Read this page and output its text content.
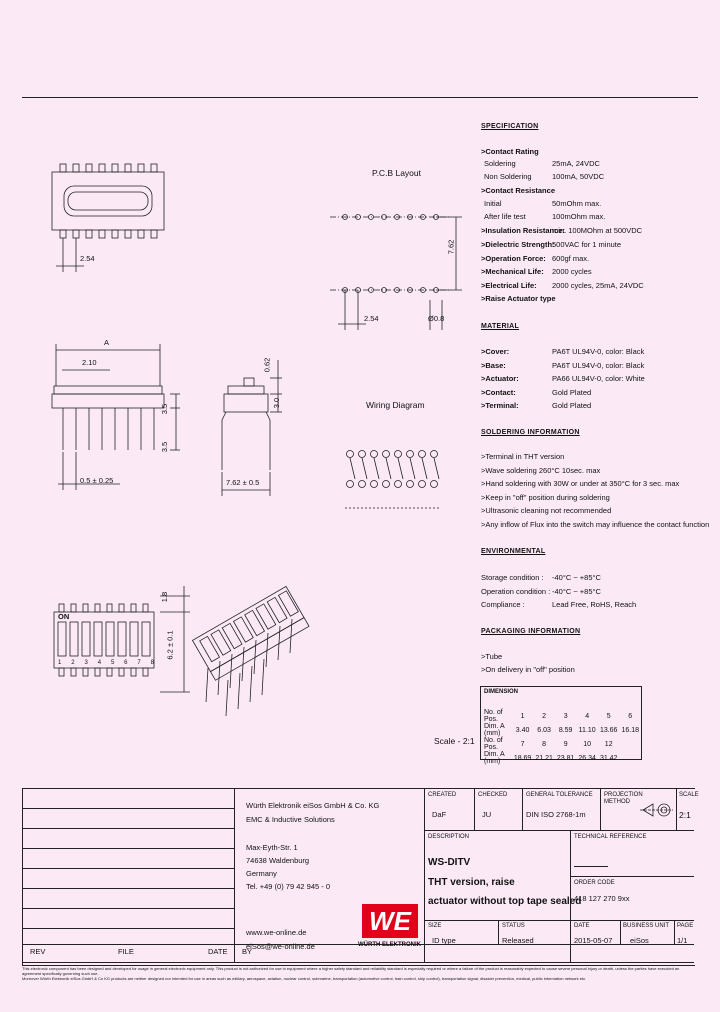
P.C.B Layout
Wiring Diagram
Scale - 2:1
2.54
2.54
7.62
Ø0.8
A
2.10
3.5
3.5
0.5 ± 0.25	7.62 ± 0.5
0.62
3.0
1.8
6.2 ± 0.1
ON
1 2 3 4 5 6 7 8
SPECIFICATION
>Contact Rating
Soldering	25mA, 24VDC
Non Soldering	100mA, 50VDC
>Contact Resistance
Initial	50mOhm max.
After life test	100mOhm max.
>Insulation Resistance:
min. 100MOhm at 500VDC
>Dielectric Strength:
500VAC for 1 minute
>Operation Force: 600gf max.
>Mechanical Life: 2000 cycles
>Electrical Life: 2000 cycles, 25mA, 24VDC
>Raise Actuator type
MATERIAL
>Cover:	PA6T UL94V-0, color: Black
>Base:	PA6T UL94V-0, color: Black
>Actuator:	PA66 UL94V-0, color: White
>Contact:	Gold Plated
>Terminal:	Gold Plated
SOLDERING INFORMATION
>Terminal in THT version
>Wave soldering 260°C 10sec. max
>Hand soldering with 30W or under at 350°C for 3 sec. max
>Keep in "off" position during soldering
>Ultrasonic cleaning not recommended
>Any inflow of Flux into the switch may influence the contact function
ENVIRONMENTAL
Storage condition : -40°C ~ +85°C
Operation condition : -40°C ~ +85°C
Compliance :	Lead Free, RoHS, Reach
PACKAGING INFORMATION
>Tube
>On delivery in "off" position
DIMENSION
No. of Pos.	1	2	3	4	5	6
Dim. A (mm)	3.40	6.03	8.59	11.10	13.66	16.18
No. of Pos.	7	8	9	10	12	
Dim. A (mm)	18.69	21.21	23.81	26.34	31.42	
Würth Elektronik eiSos GmbH & Co. KG
EMC & Inductive Solutions
Max-Eyth-Str. 1
74638 Waldenburg
Germany
Tel. +49 (0) 79 42 945 - 0
www.we-online.de
eiSos@we-online.de
WE
WÜRTH ELEKTRONIK
CREATED
DaF
CHECKED
JU
GENERAL TOLERANCE
DIN ISO 2768-1m
PROJECTION METHOD
SCALE
2:1
DESCRIPTION
WS-DITV
THT version, raise
actuator without top tape sealed
TECHNICAL REFERENCE
ORDER CODE
418 127 270 9xx
SIZE
ID type
STATUS
Released
DATE
2015-05-07
BUSINESS UNIT
eiSos
PAGE
1/1
REV	FILE	DATE BY
This electronic component has been designed and developed for usage in general electronic equipment only. This product is not authorized for use in equipment where a higher safety standard and reliability standard is especially required or where a failure of the product is reasonably expected to cause severe personal injury or death, unless the parties have executed an agreement specifically governing such use.
Moreover Würth Elektronik eiSos GmbH & Co KG products are neither designed nor intended for use in areas such as military, aerospace, aviation, nuclear control, submarine, transportation (automotive control, train control, ship control), transportation signal, disaster prevention, medical, public information network etc.
